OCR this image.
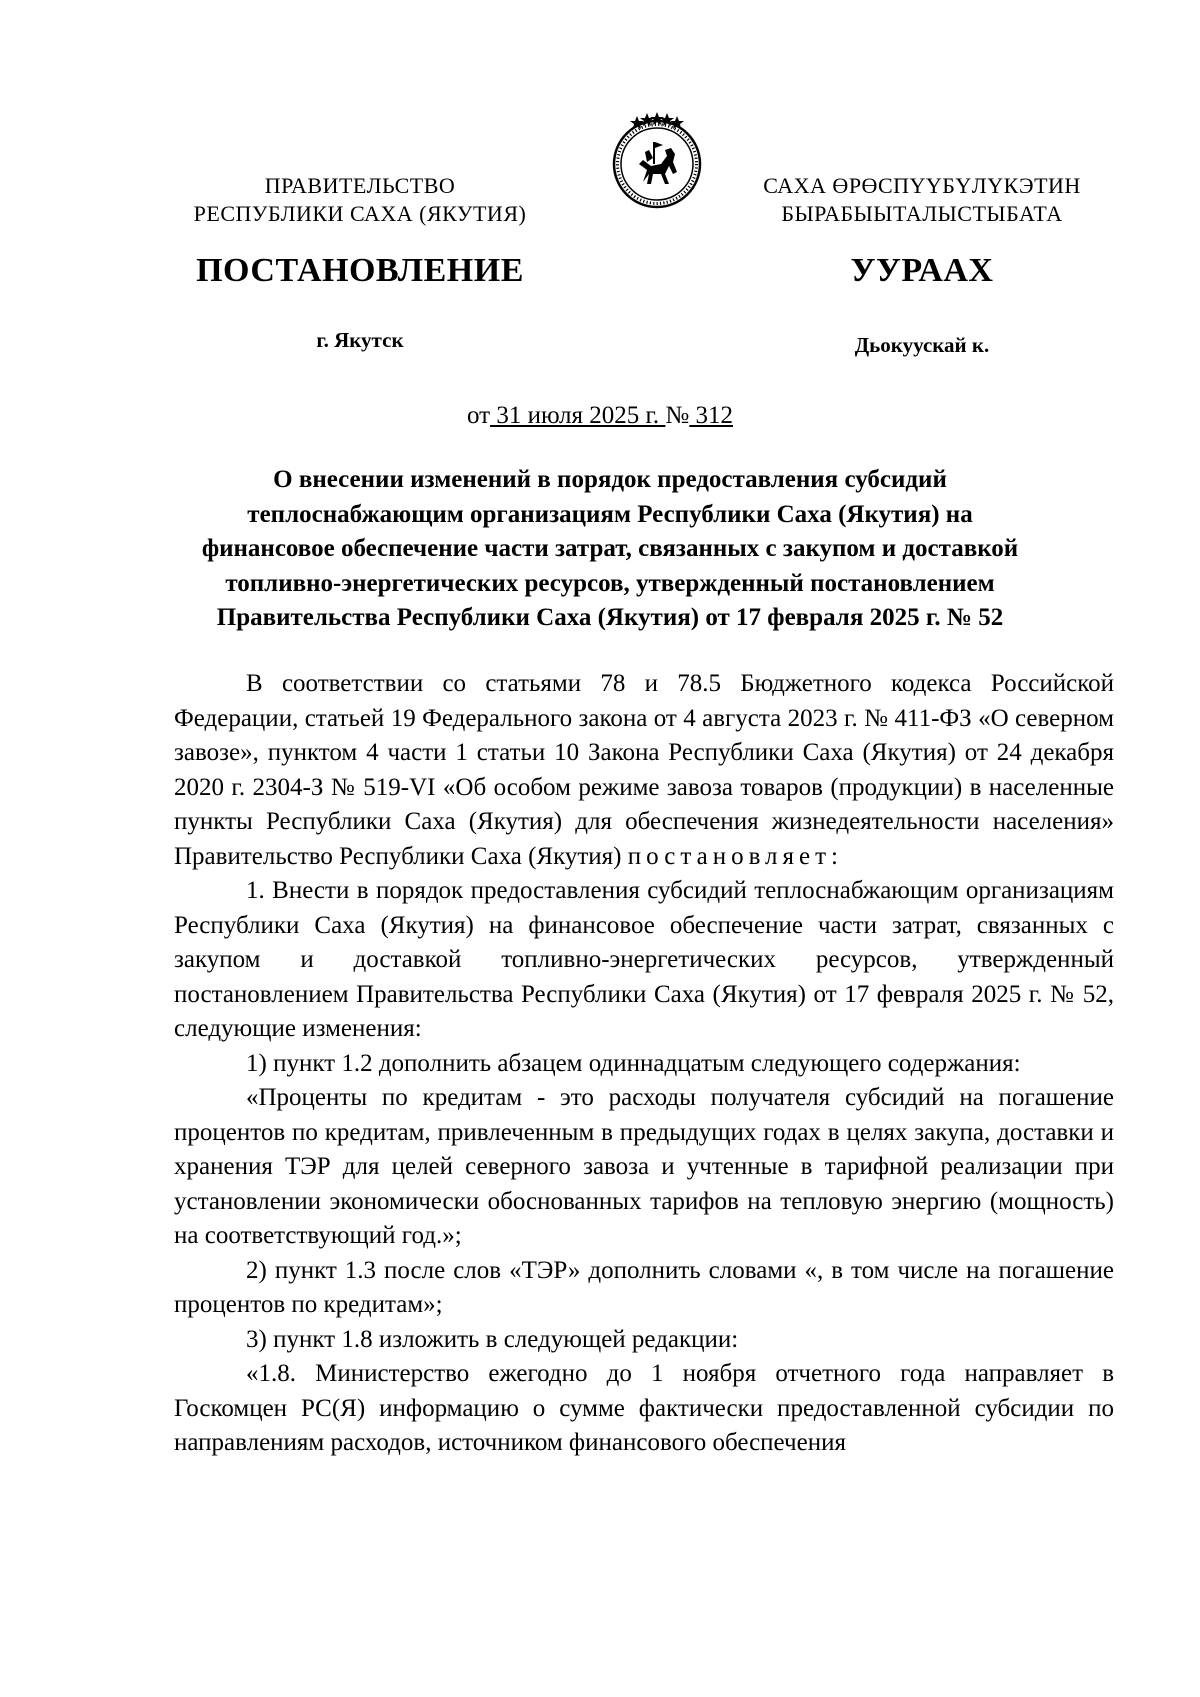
ПРАВИТЕЛЬСТВО
РЕСПУБЛИКИ САХА (ЯКУТИЯ)
САХА ӨРӨСПҮҮБҮЛҮКЭТИН
БЫРАБЫЫТАЛЫСТЫБАТА
ПОСТАНОВЛЕНИЕ	УУРААХ
г. Якутск	Дьокуускай к.
от 31 июля 2025 г. № 312
О внесении изменений в порядок предоставления субсидий
теплоснабжающим организациям Республики Саха (Якутия) на
финансовое обеспечение части затрат, связанных с закупом и доставкой
топливно-энергетических ресурсов, утвержденный постановлением
Правительства Республики Саха (Якутия) от 17 февраля 2025 г. № 52

В соответствии со статьями 78 и 78.5 Бюджетного кодекса Российской Федерации, статьей 19 Федерального закона от 4 августа 2023 г. № 411-ФЗ «О северном завозе», пунктом 4 части 1 статьи 10 Закона Республики Саха (Якутия) от 24 декабря 2020 г. 2304-З № 519-VI «Об особом режиме завоза товаров (продукции) в населенные пункты Республики Саха (Якутия) для обеспечения жизнедеятельности населения» Правительство Республики Саха (Якутия) постановляет:

1. Внести в порядок предоставления субсидий теплоснабжающим организациям Республики Саха (Якутия) на финансовое обеспечение части затрат, связанных с закупом и доставкой топливно-энергетических ресурсов, утвержденный постановлением Правительства Республики Саха (Якутия) от 17 февраля 2025 г. № 52, следующие изменения:

1) пункт 1.2 дополнить абзацем одиннадцатым следующего содержания:

«Проценты по кредитам - это расходы получателя субсидий на погашение процентов по кредитам, привлеченным в предыдущих годах в целях закупа, доставки и хранения ТЭР для целей северного завоза и учтенные в тарифной реализации при установлении экономически обоснованных тарифов на тепловую энергию (мощность) на соответствующий год.»;

2) пункт 1.3 после слов «ТЭР» дополнить словами «, в том числе на погашение процентов по кредитам»;

3) пункт 1.8 изложить в следующей редакции:

«1.8. Министерство ежегодно до 1 ноября отчетного года направляет в Госкомцен РС(Я) информацию о сумме фактически предоставленной субсидии по направлениям расходов, источником финансового обеспечения
